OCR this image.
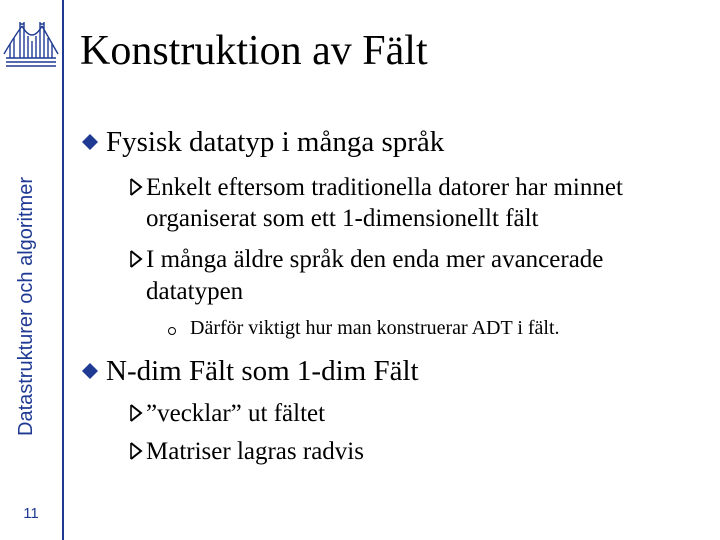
Datastrukturer och algoritmer
11
Konstruktion av Fält
Fysisk datatyp i många språk
Enkelt eftersom traditionella datorer har minnet
organiserat som ett 1-dimensionellt fält
I många äldre språk den enda mer avancerade
datatypen
Därför viktigt hur man konstruerar ADT i fält.
N-dim Fält som 1-dim Fält
”vecklar” ut fältet
Matriser lagras radvis
